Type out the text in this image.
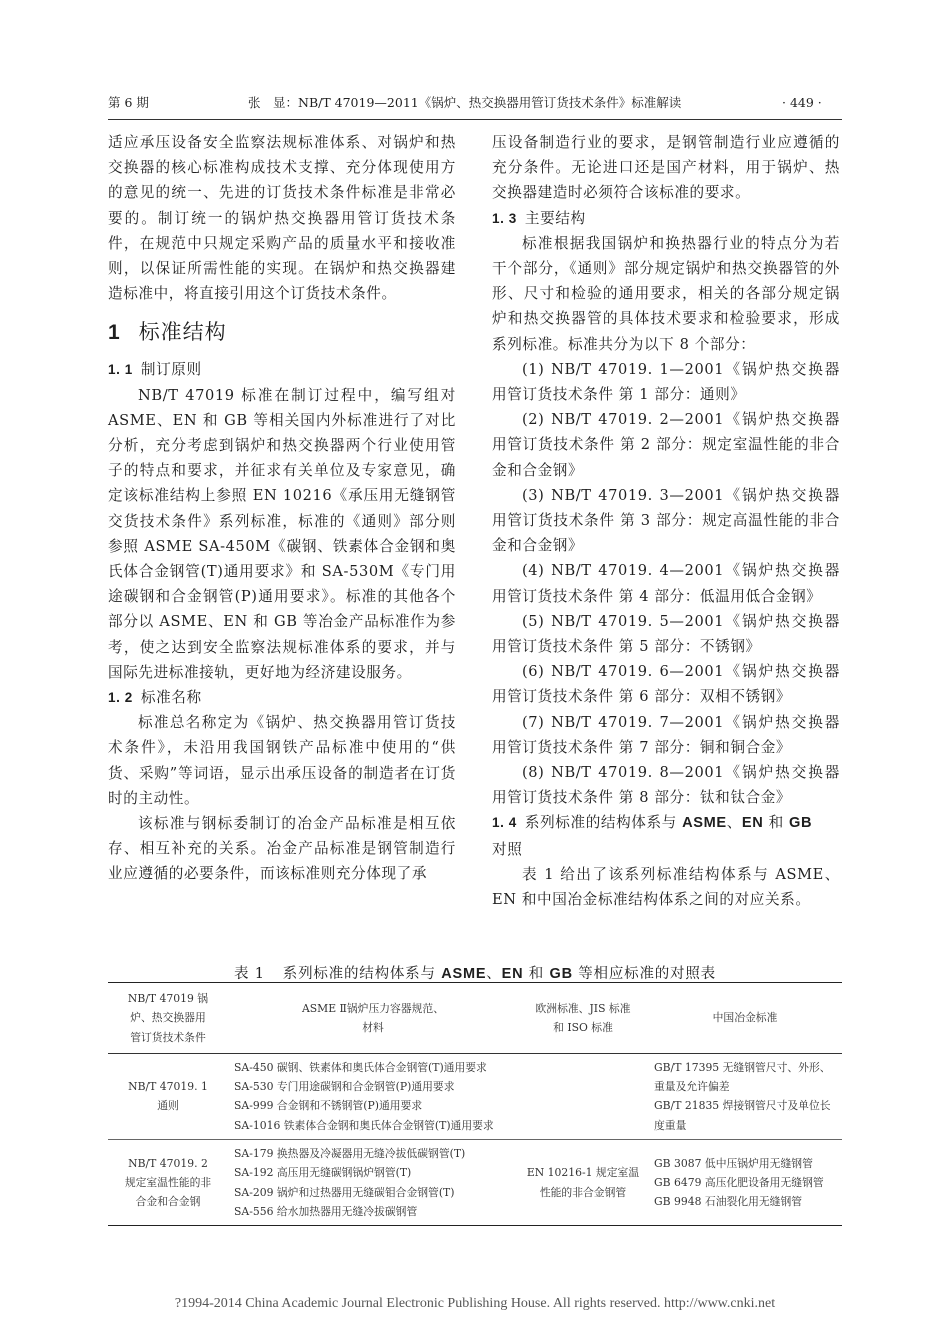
第 6 期	张　显：NB/T 47019—2011《锅炉、热交换器用管订货技术条件》标准解读	· 449 ·

适应承压设备安全监察法规标准体系、对锅炉和热交换器的核心标准构成技术支撑、充分体现使用方的意见的统一、先进的订货技术条件标准是非常必要的。制订统一的锅炉热交换器用管订货技术条件，在规范中只规定采购产品的质量水平和接收准则，以保证所需性能的实现。在锅炉和热交换器建造标准中，将直接引用这个订货技术条件。

1 标准结构
1. 1 制订原则

NB/T 47019 标准在制订过程中，编写组对 ASME、EN 和 GB 等相关国内外标准进行了对比分析，充分考虑到锅炉和热交换器两个行业使用管子的特点和要求，并征求有关单位及专家意见，确定该标准结构上参照 EN 10216《承压用无缝钢管交货技术条件》系列标准，标准的《通则》部分则参照 ASME SA-450M《碳钢、铁素体合金钢和奥氏体合金钢管(T)通用要求》和 SA-530M《专门用途碳钢和合金钢管(P)通用要求》。标准的其他各个部分以 ASME、EN 和 GB 等冶金产品标准作为参考，使之达到安全监察法规标准体系的要求，并与国际先进标准接轨，更好地为经济建设服务。

1. 2 标准名称

标准总名称定为《锅炉、热交换器用管订货技术条件》，未沿用我国钢铁产品标准中使用的“供货、采购”等词语，显示出承压设备的制造者在订货时的主动性。

该标准与钢标委制订的冶金产品标准是相互依存、相互补充的关系。冶金产品标准是钢管制造行业应遵循的必要条件，而该标准则充分体现了承

压设备制造行业的要求，是钢管制造行业应遵循的充分条件。无论进口还是国产材料，用于锅炉、热交换器建造时必须符合该标准的要求。

1. 3 主要结构

标准根据我国锅炉和换热器行业的特点分为若干个部分，《通则》部分规定锅炉和热交换器管的外形、尺寸和检验的通用要求，相关的各部分规定锅炉和热交换器管的具体技术要求和检验要求，形成系列标准。标准共分为以下 8 个部分：

(1) NB/T 47019. 1—2001《锅炉热交换器用管订货技术条件 第 1 部分：通则》

(2) NB/T 47019. 2—2001《锅炉热交换器用管订货技术条件 第 2 部分：规定室温性能的非合金和合金钢》

(3) NB/T 47019. 3—2001《锅炉热交换器用管订货技术条件 第 3 部分：规定高温性能的非合金和合金钢》

(4) NB/T 47019. 4—2001《锅炉热交换器用管订货技术条件 第 4 部分：低温用低合金钢》

(5) NB/T 47019. 5—2001《锅炉热交换器用管订货技术条件 第 5 部分：不锈钢》

(6) NB/T 47019. 6—2001《锅炉热交换器用管订货技术条件 第 6 部分：双相不锈钢》

(7) NB/T 47019. 7—2001《锅炉热交换器用管订货技术条件 第 7 部分：铜和铜合金》

(8) NB/T 47019. 8—2001《锅炉热交换器用管订货技术条件 第 8 部分：钛和钛合金》

1. 4 系列标准的结构体系与 ASME、EN 和 GB
对照

表 1 给出了该系列标准结构体系与 ASME、EN 和中国冶金标准结构体系之间的对应关系。

表 1 系列标准的结构体系与 ASME、EN 和 GB 等相应标准的对照表
NB/T 47019 锅炉、热交换器用管订货技术条件	ASME Ⅱ锅炉压力容器规范、材料	欧洲标准、JIS 标准和 ISO 标准	中国冶金标准
NB/T 47019. 1 通则	SA-450 碳钢、铁素体和奥氏体合金钢管(T)通用要求
SA-530 专门用途碳钢和合金钢管(P)通用要求
SA-999 合金钢和不锈钢管(P)通用要求
SA-1016 铁素体合金钢和奥氏体合金钢管(T)通用要求		GB/T 17395 无缝钢管尺寸、外形、重量及允许偏差
GB/T 21835 焊接钢管尺寸及单位长度重量

NB/T 47019. 2 规定室温性能的非合金和合金钢	SA-179 换热器及冷凝器用无缝冷拔低碳钢管(T)
SA-192 高压用无缝碳钢锅炉钢管(T)
SA-209 锅炉和过热器用无缝碳钼合金钢管(T)
SA-556 给水加热器用无缝冷拔碳钢管	EN 10216-1 规定室温性能的非合金钢管	GB 3087 低中压锅炉用无缝钢管
GB 6479 高压化肥设备用无缝钢管
GB 9948 石油裂化用无缝钢管
?1994-2014 China Academic Journal Electronic Publishing House. All rights reserved. http://www.cnki.net
